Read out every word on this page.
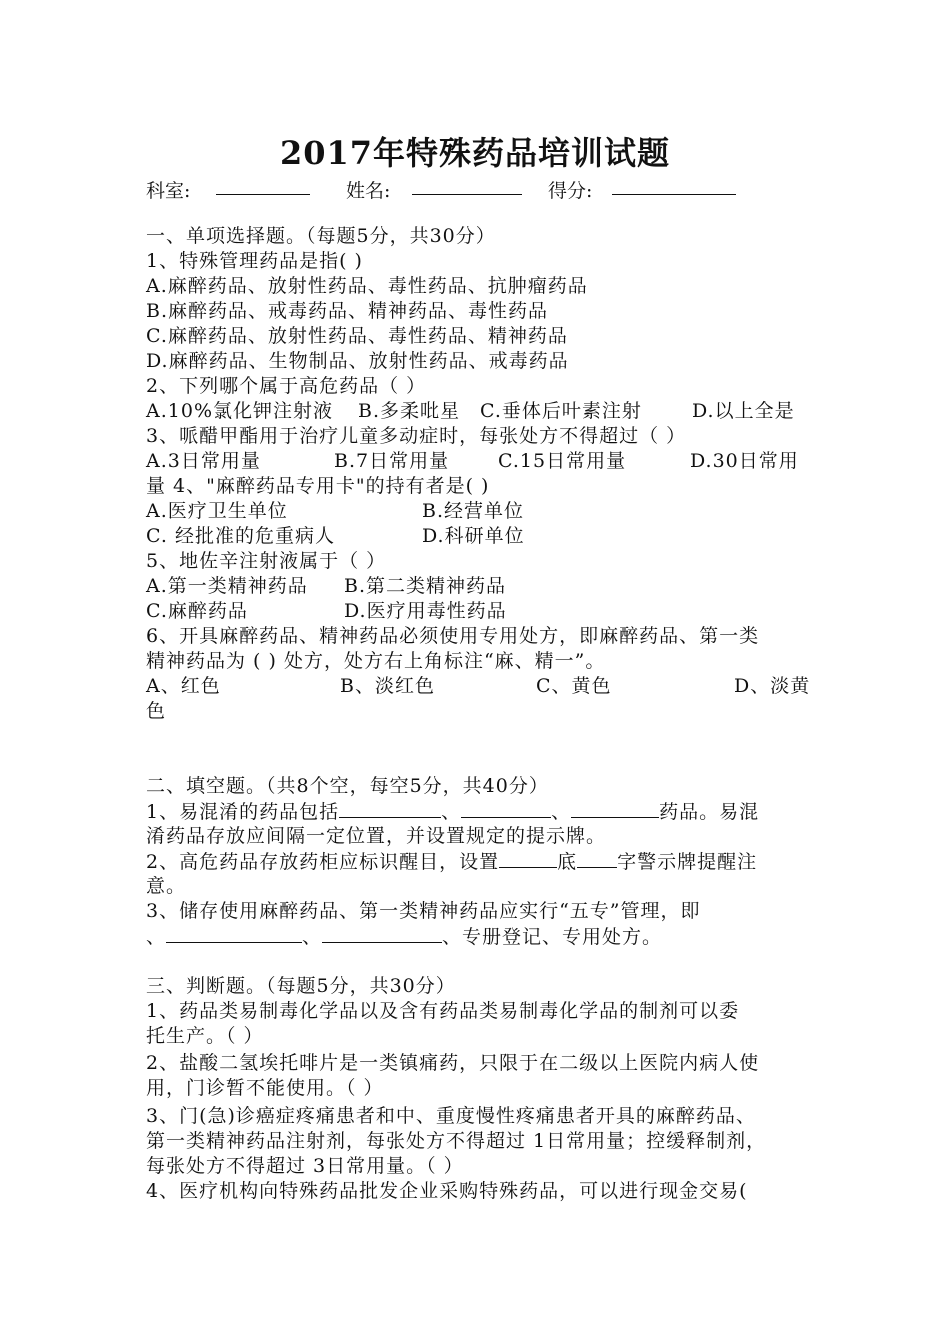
2017年特殊药品培训试题
科室:	姓名:	得分:
一、单项选择题。（每题5分，共30分）
1、特殊管理药品是指( )
A.麻醉药品、放射性药品、毒性药品、抗肿瘤药品
B.麻醉药品、戒毒药品、精神药品、毒性药品
C.麻醉药品、放射性药品、毒性药品、精神药品
D.麻醉药品、生物制品、放射性药品、戒毒药品
2、下列哪个属于高危药品（ ）
A.10%氯化钾注射液 B.多柔吡星 C.垂体后叶素注射	D.以上全是
3、哌醋甲酯用于治疗儿童多动症时，每张处方不得超过（ ）
A.3日常用量	B.7日常用量	C.15日常用量	D.30日常用
量 4、"麻醉药品专用卡"的持有者是( )
A.医疗卫生单位	B.经营单位
C. 经批准的危重病人	D.科研单位
5、地佐辛注射液属于（ ）
A.第一类精神药品 B.第二类精神药品
C.麻醉药品	D.医疗用毒性药品
6、开具麻醉药品、精神药品必须使用专用处方，即麻醉药品、第一类
精神药品为 ( ) 处方，处方右上角标注“麻、精一”。
A、红色	B、淡红色	C、黄色	D、淡黄
色
二、填空题。（共8个空，每空5分，共40分）
1、易混淆的药品包括	、	、	药品。易混
淆药品存放应间隔一定位置，并设置规定的提示牌。
2、高危药品存放药柜应标识醒目，设置	底 字警示牌提醒注
意。
3、储存使用麻醉药品、第一类精神药品应实行“五专”管理，即
、	、	、专册登记、专用处方。
三、判断题。（每题5分，共30分）
1、药品类易制毒化学品以及含有药品类易制毒化学品的制剂可以委
托生产。（ ）
2、盐酸二氢埃托啡片是一类镇痛药，只限于在二级以上医院内病人使
用，门诊暂不能使用。（ ）
3、门(急)诊癌症疼痛患者和中、重度慢性疼痛患者开具的麻醉药品、
第一类精神药品注射剂，每张处方不得超过 1日常用量；控缓释制剂，
每张处方不得超过 3日常用量。（ ）
4、医疗机构向特殊药品批发企业采购特殊药品，可以进行现金交易(
